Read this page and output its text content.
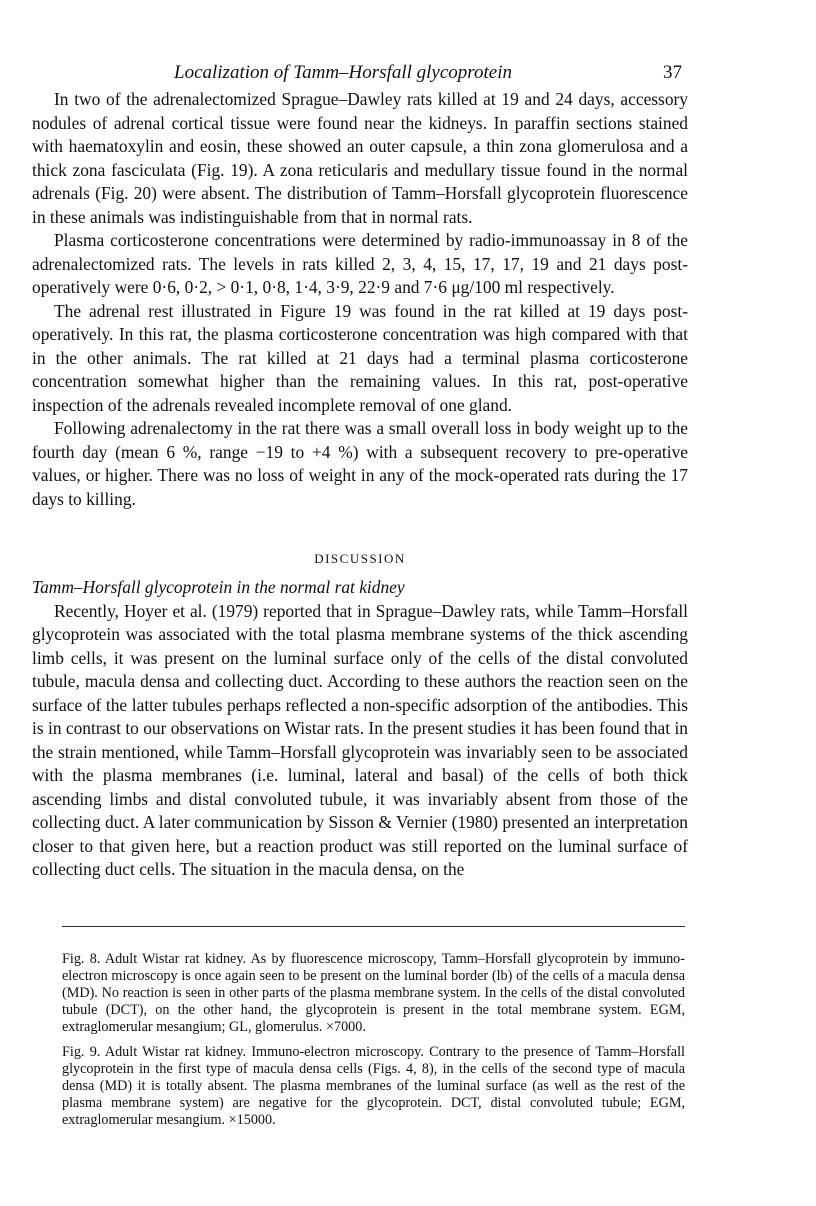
Localization of Tamm–Horsfall glycoprotein	37

In two of the adrenalectomized Sprague–Dawley rats killed at 19 and 24 days, accessory nodules of adrenal cortical tissue were found near the kidneys. In paraffin sections stained with haematoxylin and eosin, these showed an outer capsule, a thin zona glomerulosa and a thick zona fasciculata (Fig. 19). A zona reticularis and medullary tissue found in the normal adrenals (Fig. 20) were absent. The distribution of Tamm–Horsfall glycoprotein fluorescence in these animals was indistinguishable from that in normal rats.

Plasma corticosterone concentrations were determined by radio-immunoassay in 8 of the adrenalectomized rats. The levels in rats killed 2, 3, 4, 15, 17, 17, 19 and 21 days post-operatively were 0·6, 0·2, > 0·1, 0·8, 1·4, 3·9, 22·9 and 7·6 μg/100 ml respectively.

The adrenal rest illustrated in Figure 19 was found in the rat killed at 19 days post-operatively. In this rat, the plasma corticosterone concentration was high compared with that in the other animals. The rat killed at 21 days had a terminal plasma corticosterone concentration somewhat higher than the remaining values. In this rat, post-operative inspection of the adrenals revealed incomplete removal of one gland.

Following adrenalectomy in the rat there was a small overall loss in body weight up to the fourth day (mean 6 %, range −19 to +4 %) with a subsequent recovery to pre-operative values, or higher. There was no loss of weight in any of the mock-operated rats during the 17 days to killing.

DISCUSSION

Tamm–Horsfall glycoprotein in the normal rat kidney

Recently, Hoyer et al. (1979) reported that in Sprague–Dawley rats, while Tamm–Horsfall glycoprotein was associated with the total plasma membrane systems of the thick ascending limb cells, it was present on the luminal surface only of the cells of the distal convoluted tubule, macula densa and collecting duct. According to these authors the reaction seen on the surface of the latter tubules perhaps reflected a non-specific adsorption of the antibodies. This is in contrast to our observations on Wistar rats. In the present studies it has been found that in the strain mentioned, while Tamm–Horsfall glycoprotein was invariably seen to be associated with the plasma membranes (i.e. luminal, lateral and basal) of the cells of both thick ascending limbs and distal convoluted tubule, it was invariably absent from those of the collecting duct. A later communication by Sisson & Vernier (1980) presented an interpretation closer to that given here, but a reaction product was still reported on the luminal surface of collecting duct cells. The situation in the macula densa, on the

Fig. 8. Adult Wistar rat kidney. As by fluorescence microscopy, Tamm–Horsfall glycoprotein by immuno-electron microscopy is once again seen to be present on the luminal border (lb) of the cells of a macula densa (MD). No reaction is seen in other parts of the plasma membrane system. In the cells of the distal convoluted tubule (DCT), on the other hand, the glycoprotein is present in the total membrane system. EGM, extraglomerular mesangium; GL, glomerulus. ×7000.

Fig. 9. Adult Wistar rat kidney. Immuno-electron microscopy. Contrary to the presence of Tamm–Horsfall glycoprotein in the first type of macula densa cells (Figs. 4, 8), in the cells of the second type of macula densa (MD) it is totally absent. The plasma membranes of the luminal surface (as well as the rest of the plasma membrane system) are negative for the glycoprotein. DCT, distal convoluted tubule; EGM, extraglomerular mesangium. ×15000.
